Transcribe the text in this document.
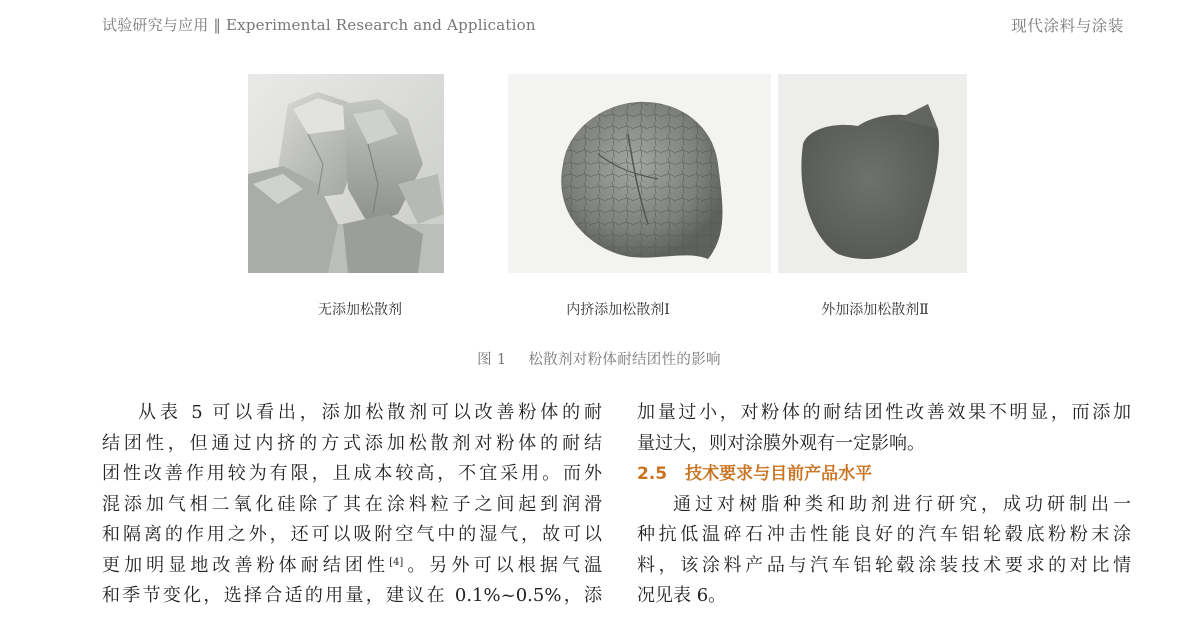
试验研究与应用 ‖ Experimental Research and Application	现代涂料与涂装
无添加松散剂	内挤添加松散剂Ⅰ	外加添加松散剂Ⅱ
图 1 松散剂对粉体耐结团性的影响
从表 5 可以看出，添加松散剂可以改善粉体的耐
结团性，但通过内挤的方式添加松散剂对粉体的耐结
团性改善作用较为有限，且成本较高，不宜采用。而外
混添加气相二氧化硅除了其在涂料粒子之间起到润滑
和隔离的作用之外，还可以吸附空气中的湿气，故可以
更加明显地改善粉体耐结团性[4]。另外可以根据气温
和季节变化，选择合适的用量，建议在 0.1%~0.5%，添
加量过小，对粉体的耐结团性改善效果不明显，而添加
量过大，则对涂膜外观有一定影响。
2.5 技术要求与目前产品水平
通过对树脂种类和助剂进行研究，成功研制出一
种抗低温碎石冲击性能良好的汽车铝轮毂底粉粉末涂
料，该涂料产品与汽车铝轮毂涂装技术要求的对比情
况见表 6。
